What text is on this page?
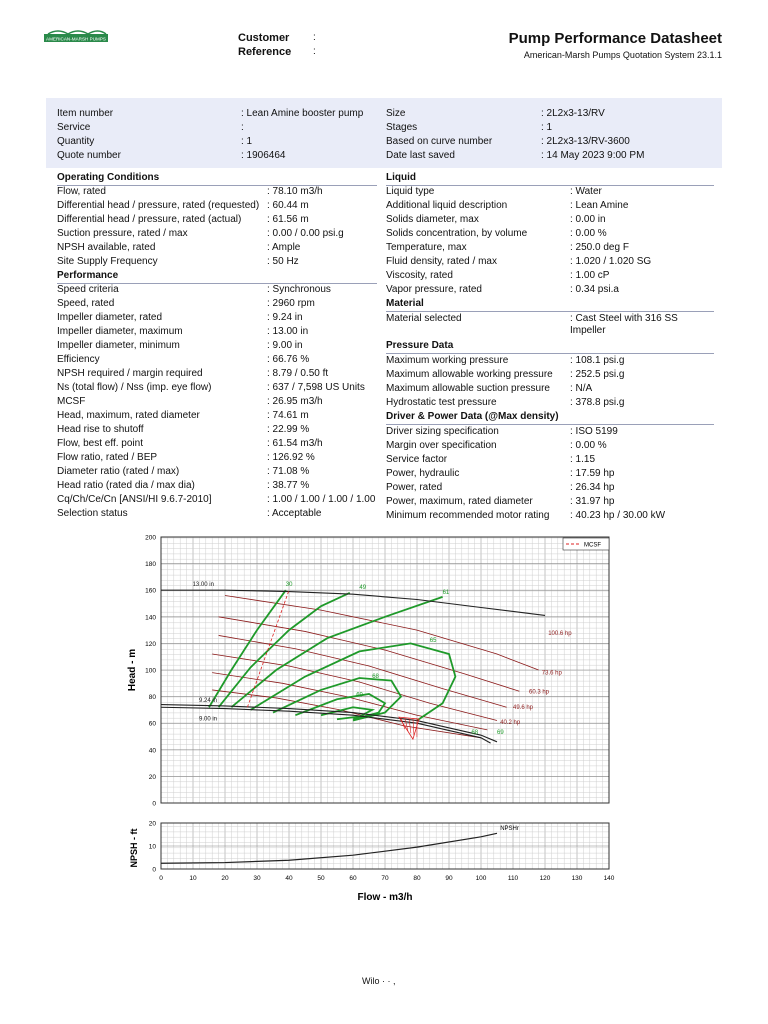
AMERICAN-MARSH PUMPS	Customer :
Reference :
Pump Performance Datasheet
American-Marsh Pumps Quotation System 23.1.1
Item number	: Lean Amine booster pump
Service	:
Quantity	: 1
Quote number	: 1906464
Size	: 2L2x3-13/RV
Stages	: 1
Based on curve number	: 2L2x3-13/RV-3600
Date last saved	: 14 May 2023 9:00 PM
Operating Conditions
Flow, rated	: 78.10 m3/h
Differential head / pressure, rated (requested) : 60.44 m
Differential head / pressure, rated (actual)	: 61.56 m
Suction pressure, rated / max	: 0.00 / 0.00 psi.g
NPSH available, rated	: Ample
Site Supply Frequency	: 50 Hz
Performance
Speed criteria	: Synchronous
Speed, rated	: 2960 rpm
Impeller diameter, rated	: 9.24 in
Impeller diameter, maximum	: 13.00 in
Impeller diameter, minimum	: 9.00 in
Efficiency	: 66.76 %
NPSH required / margin required	: 8.79 / 0.50 ft
Ns (total flow) / Nss (imp. eye flow)	: 637 / 7,598 US Units
MCSF	: 26.95 m3/h
Head, maximum, rated diameter	: 74.61 m
Head rise to shutoff	: 22.99 %
Flow, best eff. point	: 61.54 m3/h
Flow ratio, rated / BEP	: 126.92 %
Diameter ratio (rated / max)	: 71.08 %
Head ratio (rated dia / max dia)	: 38.77 %
Cq/Ch/Ce/Cn [ANSI/HI 9.6.7-2010]	: 1.00 / 1.00 / 1.00 / 1.00
Selection status	: Acceptable
Liquid
Liquid type	: Water
Additional liquid description	: Lean Amine
Solids diameter, max	: 0.00 in
Solids concentration, by volume	: 0.00 %
Temperature, max	: 250.0 deg F
Fluid density, rated / max	: 1.020 / 1.020 SG
Viscosity, rated	: 1.00 cP
Vapor pressure, rated	: 0.34 psi.a
Material
Material selected	: Cast Steel with 316 SS
Impeller
Pressure Data
Maximum working pressure	: 108.1 psi.g
Maximum allowable working pressure : 252.5 psi.g
Maximum allowable suction pressure : N/A
Hydrostatic test pressure	: 378.8 psi.g
Driver & Power Data (@Max density)
Driver sizing specification	: ISO 5199
Margin over specification	: 0.00 %
Service factor	: 1.15
Power, hydraulic	: 17.59 hp
Power, rated	: 26.34 hp
Power, maximum, rated diameter	: 31.97 hp
Minimum recommended motor rating : 40.23 hp / 30.00 kW
0
20
40
60
80
100
120
140
160
180
200
13.00 in
9.24 in
9.00 in
100.6 hp
73.6 hp
60.3 hp
49.6 hp
40.2 hp
30	49
61
65
68
69
69
68
MCSF
0
10
20
0	10	20	30	40	50	60	70	80	90	100	110	120	130	140
NPSHr
Head - m
NPSH - ft
Flow - m3/h
Wilo · · ,
